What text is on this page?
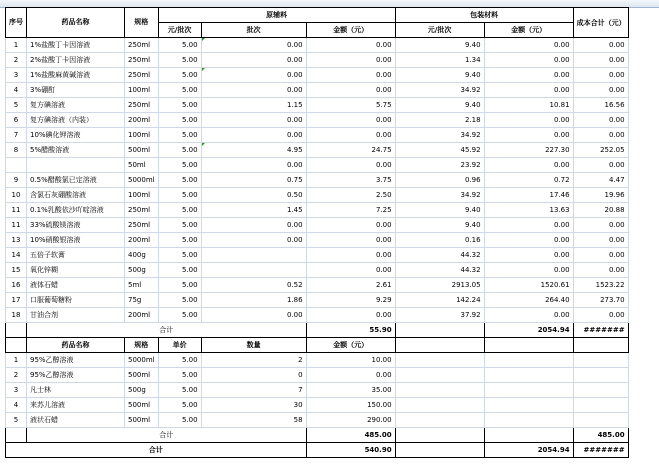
序号	药品名称	规格	原辅料			包装材料		成本合计（元）
			元/批次	批次	金额（元）	元/批次	金额（元）	
1	1%盐酸丁卡因溶液	250ml	5.00	0.00	0.00	9.40	0.00	0.00
2	2%盐酸丁卡因溶液	250ml	5.00	0.00	0.00	1.34	0.00	0.00
3	1%盐酸麻黄碱溶液	250ml	5.00	0.00	0.00	9.40	0.00	0.00
4	3%硼酊	100ml	5.00	0.00	0.00	34.92	0.00	0.00
5	复方碘溶液	250ml	5.00	1.15	5.75	9.40	10.81	16.56
6	复方碘溶液（内装）	200ml	5.00	0.00	0.00	2.18	0.00	0.00
7	10%碘化钾溶液	100ml	5.00	0.00	0.00	34.92	0.00	0.00
8	5%醋酸溶液	500ml	5.00	4.95	24.75	45.92	227.30	252.05
		50ml	5.00	0.00	0.00	23.92	0.00	0.00
9	0.5%醋酸氯已定溶液	5000ml	5.00	0.75	3.75	0.96	0.72	4.47
10	含氯石灰硼酸溶液	100ml	5.00	0.50	2.50	34.92	17.46	19.96
11	0.1%乳酸依沙吖啶溶液	250ml	5.00	1.45	7.25	9.40	13.63	20.88
11	33%硫酸镁溶液	250ml	5.00	0.00	0.00	9.40	0.00	0.00
13	10%硝酸银溶液	200ml	5.00	0.00	0.00	0.16	0.00	0.00
14	五倍子软膏	400g	5.00		0.00	44.32	0.00	0.00
15	氧化锌糊	500g	5.00		0.00	44.32	0.00	0.00
16	液体石蜡	5ml	5.00	0.52	2.61	2913.05	1520.61	1523.22
17	口服葡萄糖粉	75g	5.00	1.86	9.29	142.24	264.40	273.70
18	甘油合剂	200ml	5.00	0.00	0.00	37.92	0.00	0.00
	合计				55.90		2054.94	#######
	药品名称	规格	单价	数量	金额（元）			
1	95%乙醇溶液	5000ml	5.00	2	10.00			
2	95%乙醇溶液	500ml	5.00	0	0.00			
3	凡士林	500g	5.00	7	35.00			
4	来苏儿溶液	500ml	5.00	30	150.00			
5	液状石蜡	500ml	5.00	58	290.00			
	合计				485.00			485.00
合计					540.90		2054.94	#######
